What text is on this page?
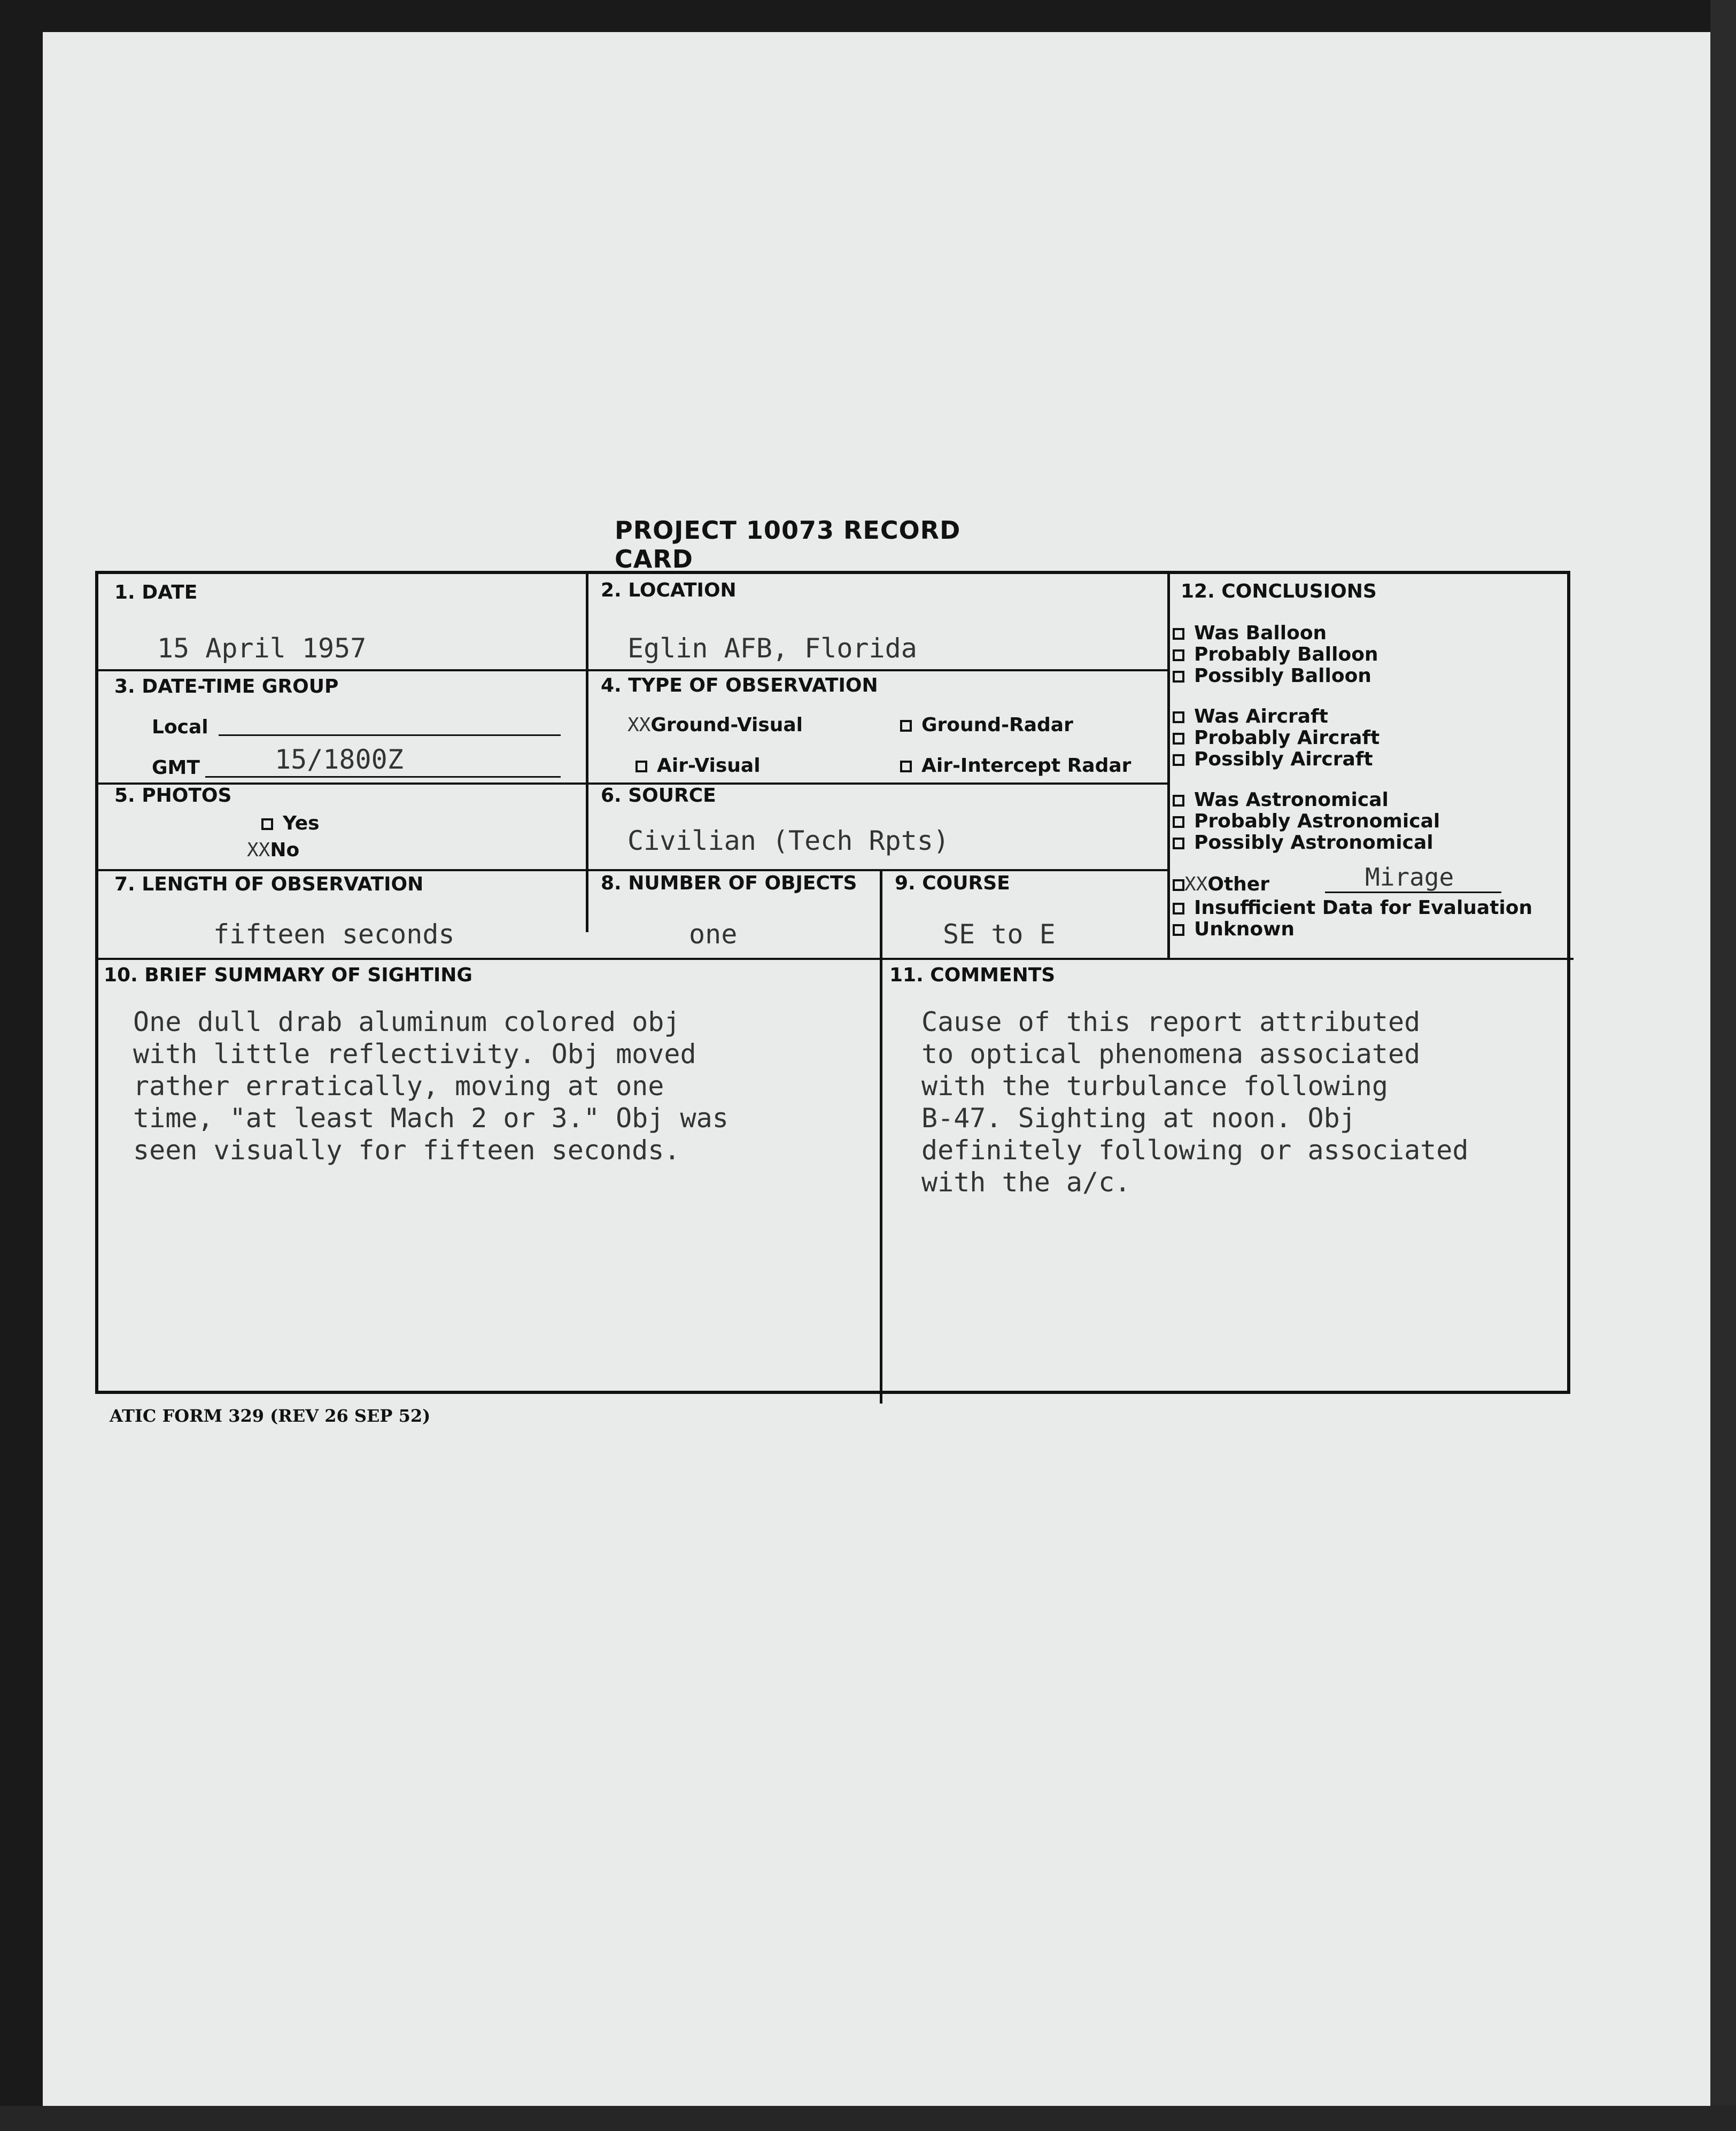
PROJECT 10073 RECORD CARD
1. DATE
15 April 1957
2. LOCATION
Eglin AFB, Florida
3. DATE-TIME GROUP
Local
GMT	15/1800Z
4. TYPE OF OBSERVATION
XXGround-Visual	Ground-Radar
Air-Visual	Air-Intercept Radar
5. PHOTOS
Yes
XXNo
6. SOURCE
Civilian (Tech Rpts)
7. LENGTH OF OBSERVATION
fifteen seconds
8. NUMBER OF OBJECTS
one
9. COURSE
SE to E
10. BRIEF SUMMARY OF SIGHTING
One dull drab aluminum colored obj
with little reflectivity. Obj moved
rather erratically, moving at one
time, "at least Mach 2 or 3." Obj was
seen visually for fifteen seconds.
11. COMMENTS
Cause of this report attributed
to optical phenomena associated
with the turbulance following
B-47. Sighting at noon. Obj
definitely following or associated
with the a/c.
12. CONCLUSIONS
Was Balloon
Probably Balloon
Possibly Balloon
Was Aircraft
Probably Aircraft
Possibly Aircraft
Was Astronomical
Probably Astronomical
Possibly Astronomical
XXOther	Mirage
Insufficient Data for Evaluation
Unknown
ATIC FORM 329 (REV 26 SEP 52)
